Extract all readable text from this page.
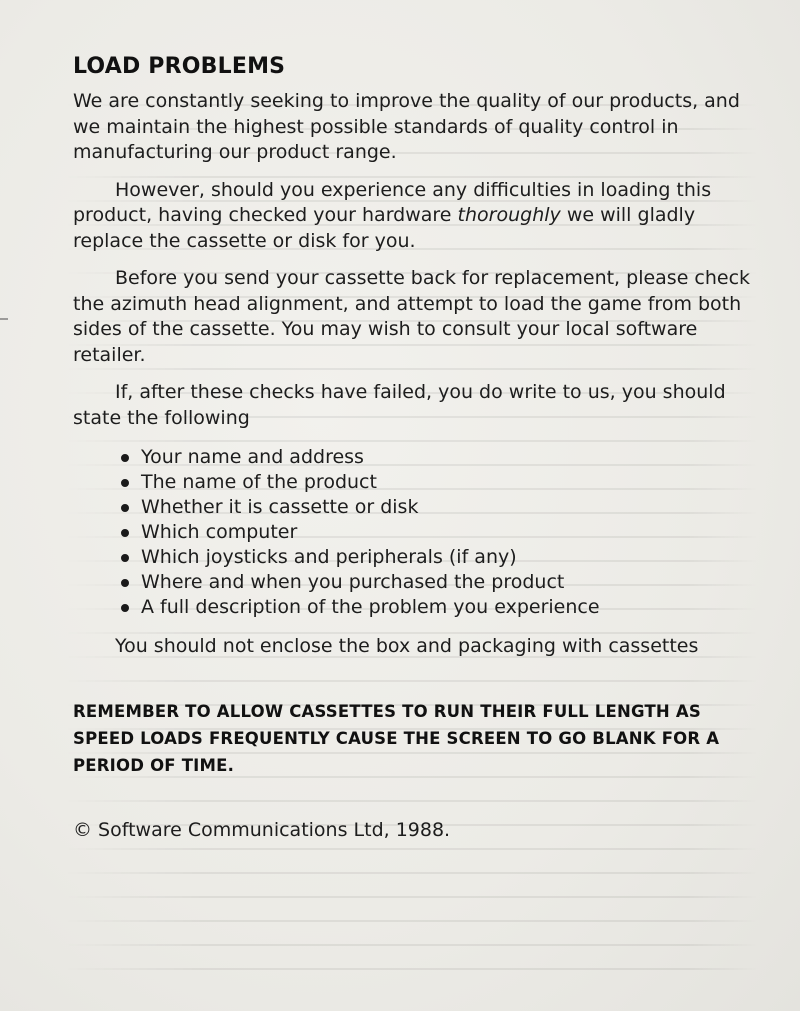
LOAD PROBLEMS

We are constantly seeking to improve the quality of our products, and we maintain the highest possible standards of quality control in manufacturing our product range.

However, should you experience any difficulties in loading this product, having checked your hardware thoroughly we will gladly replace the cassette or disk for you.

Before you send your cassette back for replacement, please check the azimuth head alignment, and attempt to load the game from both sides of the cassette. You may wish to consult your local software retailer.

If, after these checks have failed, you do write to us, you should state the following

Your name and address
The name of the product
Whether it is cassette or disk
Which computer
Which joysticks and peripherals (if any)
Where and when you purchased the product
A full description of the problem you experience

You should not enclose the box and packaging with cassettes

REMEMBER TO ALLOW CASSETTES TO RUN THEIR FULL LENGTH AS SPEED LOADS FREQUENTLY CAUSE THE SCREEN TO GO BLANK FOR A PERIOD OF TIME.

© Software Communications Ltd, 1988.
